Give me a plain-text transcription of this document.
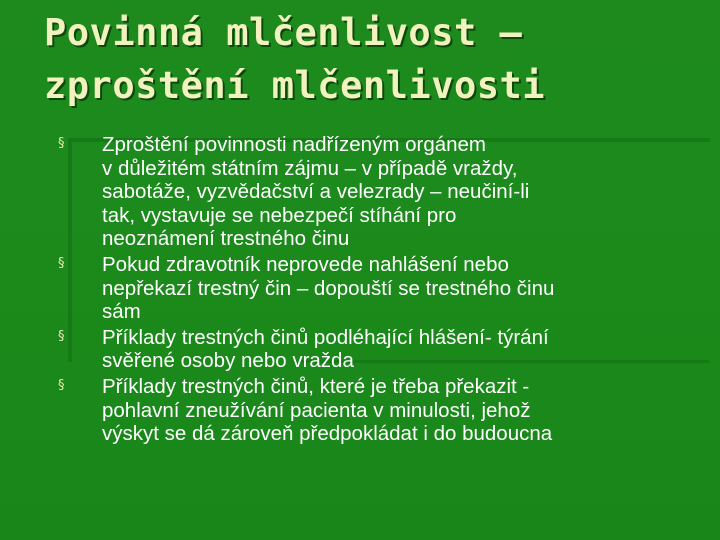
Povinná mlčenlivost –
zproštění mlčenlivosti
§ Zproštění povinnosti nadřízeným orgánem
v důležitém státním zájmu – v případě vraždy,
sabotáže, vyzvědačství a velezrady – neučiní-li
tak, vystavuje se nebezpečí stíhání pro
neoznámení trestného činu
§ Pokud zdravotník neprovede nahlášení nebo
nepřekazí trestný čin – dopouští se trestného činu
sám
§ Příklady trestných činů podléhající hlášení- týrání
svěřené osoby nebo vražda
§ Příklady trestných činů, které je třeba překazit -
pohlavní zneužívání pacienta v minulosti, jehož
výskyt se dá zároveň předpokládat i do budoucna
